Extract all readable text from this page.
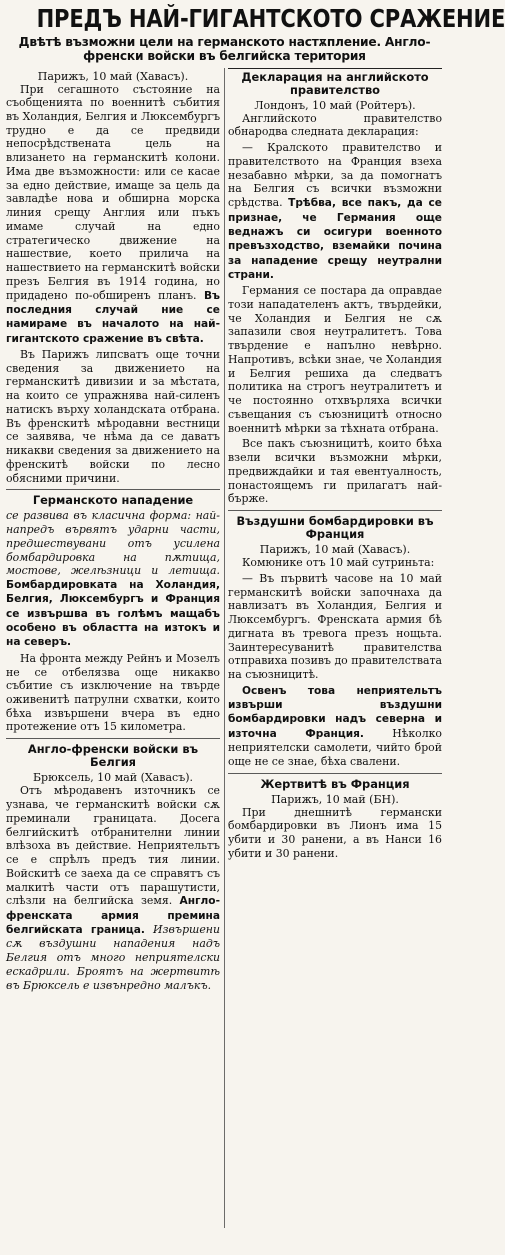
ПРЕДЪ НАЙ-ГИГАНТСКОТО СРАЖЕНИЕ
Двѣтѣ възможни цели на германското настѫпление. Англо-френски войски въ белгийска територия
Парижъ, 10 май (Хавасъ).

При сегашното състояние на съобщенията по военнитѣ събития въ Холандия, Белгия и Люксембургъ трудно е да се предвиди непосрѣдствената цель на влизането на германскитѣ колони. Има две възможности: или се касае за едно действие, имаще за цель да завладѣе нова и обширна морска линия срещу Англия или пъкъ имаме случай на едно стратегическо движение на нашествие, което прилича на нашествието на германскитѣ войски презъ Белгия въ 1914 година, но придадено по-обширенъ планъ. Въ последния случай ние се намираме въ началото на най-гигантското сражение въ свѣта.

Въ Парижъ липсватъ още точни сведения за движението на германскитѣ дивизии и за мѣстата, на които се упражнява най-силенъ натискъ върху холандската отбрана. Въ френскитѣ мѣродавни вестници се заявява, че нѣма да се даватъ никакви сведения за движението на френскитѣ войски по лесно обясними причини.

Германското нападение

се развива въ класична форма: най-напредъ вървятъ ударни части, предшествувани отъ усилена бомбардировка на пѫтища, мостове, желѣзници и летища. Бомбардировката на Холандия, Белгия, Люксембургъ и Франция се извършва въ голѣмъ мащабъ особено въ областта на изтокъ и на северъ.

На фронта между Рейнъ и Мозелъ не се отбелязва още никакво събитие съ изключение на твърде оживенитѣ патрулни схватки, които бѣха извършени вчера въ едно протежение отъ 15 километра.

Англо-френски войски въ Белгия
Брюксель, 10 май (Хавасъ).

Отъ мѣродавенъ източникъ се узнава, че германскитѣ войски сѫ преминали границата. Досега белгийскитѣ отбранителни линии влѣзоха въ действие. Неприятельтъ се е спрѣлъ предъ тия линии. Войскитѣ се заеха да се справятъ съ малкитѣ части отъ парашутисти, слѣзли на белгийска земя. Англо-френската армия премина белгийската граница. Извършени сѫ въздушни нападения надъ Белгия отъ много неприятелски ескадрили. Броятъ на жертвитѣ въ Брюксель е извънредно малъкъ.

Декларация на английското правителство
Лондонъ, 10 май (Ройтеръ).

Английското правителство обнародва следната декларация:

— Кралското правителство и правителството на Франция взеха незабавно мѣрки, за да помогнатъ на Белгия съ всички възможни срѣдства. Трѣбва, все пакъ, да се признае, че Германия още веднажъ си осигури военното превъзходство, вземайки почина за нападение срещу неутрални страни.

Германия се постара да оправдае този нападателенъ актъ, твърдейки, че Холандия и Белгия не сѫ запазили своя неутралитетъ. Това твърдение е напълно невѣрно. Напротивъ, всѣки знае, че Холандия и Белгия решиха да следватъ политика на строгъ неутралитетъ и че постоянно отхвърляха всички съвещания съ съюзницитѣ относно военнитѣ мѣрки за тѣхната отбрана.

Все пакъ съюзницитѣ, които бѣха взели всички възможни мѣрки, предвиждайки и тая евентуалность, понастоящемъ ги прилагатъ най-бърже.

Въздушни бомбардировки въ Франция
Парижъ, 10 май (Хавасъ).

Комюнике отъ 10 май сутриньта:

— Въ първитѣ часове на 10 май германскитѣ войски започнаха да навлизатъ въ Холандия, Белгия и Люксембургъ. Френската армия бѣ дигната въ тревога презъ нощьта. Заинтересуванитѣ правителства отправиха позивъ до правителствата на съюзницитѣ.

Освенъ това неприятельтъ извърши въздушни бомбардировки надъ северна и източна Франция.	Нѣколко неприятелски самолети, чийто брой още не се знае, бѣха свалени.

Жертвитѣ въ Франция
Парижъ, 10 май (БН).

При днешнитѣ германски бомбардировки въ Лионъ има 15 убити и 30 ранени, а въ Нанси 16 убити и 30 ранени.
